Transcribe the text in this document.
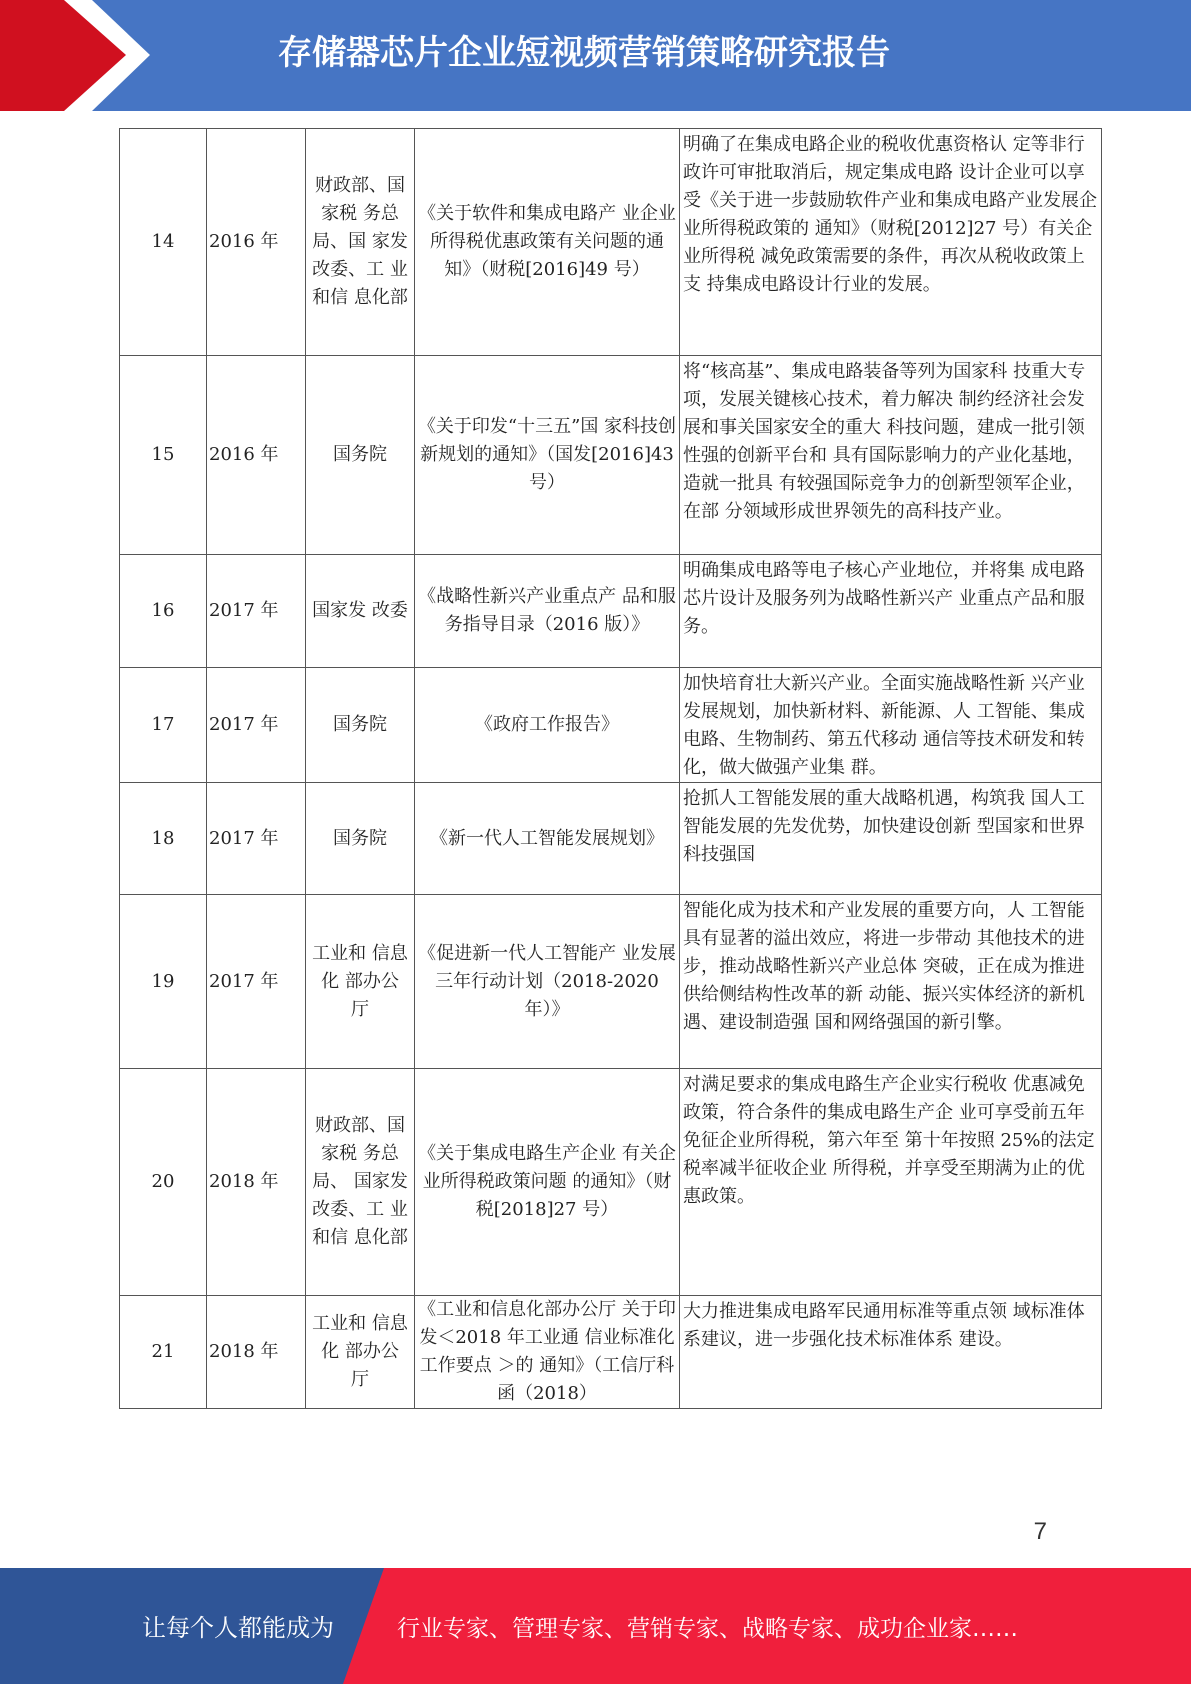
存储器芯片企业短视频营销策略研究报告
14	2016 年	财政部、国家税 务总局、国 家发 改委、工 业和信 息化部	《关于软件和集成电路产 业企业所得税优惠政策有关问题的通知》（财税[2016]49 号）	明确了在集成电路企业的税收优惠资格认 定等非行政许可审批取消后，规定集成电路 设计企业可以享受《关于进一步鼓励软件产业和集成电路产业发展企业所得税政策的 通知》（财税[2012]27 号）有关企业所得税 减免政策需要的条件，再次从税收政策上支 持集成电路设计行业的发展。
15	2016 年	国务院	《关于印发“十三五”国 家科技创新规划的通知》（国发[2016]43 号）	将“核高基”、集成电路装备等列为国家科 技重大专项，发展关键核心技术，着力解决 制约经济社会发展和事关国家安全的重大 科技问题，建成一批引领性强的创新平台和 具有国际影响力的产业化基地，造就一批具 有较强国际竞争力的创新型领军企业，在部 分领域形成世界领先的高科技产业。
16	2017 年	国家发 改委	《战略性新兴产业重点产 品和服务指导目录（2016 版）》	明确集成电路等电子核心产业地位，并将集 成电路芯片设计及服务列为战略性新兴产 业重点产品和服务。
17	2017 年	国务院	《政府工作报告》	加快培育壮大新兴产业。全面实施战略性新 兴产业发展规划，加快新材料、新能源、人 工智能、集成电路、生物制药、第五代移动 通信等技术研发和转化，做大做强产业集 群。
18	2017 年	国务院	《新一代人工智能发展规划》	抢抓人工智能发展的重大战略机遇，构筑我 国人工智能发展的先发优势，加快建设创新 型国家和世界科技强国
19	2017 年	工业和 信息化 部办公 厅	《促进新一代人工智能产 业发展三年行动计划（2018-2020 年）》	智能化成为技术和产业发展的重要方向，人 工智能具有显著的溢出效应，将进一步带动 其他技术的进步，推动战略性新兴产业总体 突破，正在成为推进供给侧结构性改革的新 动能、振兴实体经济的新机遇、建设制造强 国和网络强国的新引擎。
20	2018 年	财政部、国家税 务总局、 国家发 改委、工 业和信 息化部	《关于集成电路生产企业 有关企业所得税政策问题 的通知》（财税[2018]27 号）	对满足要求的集成电路生产企业实行税收 优惠减免政策，符合条件的集成电路生产企 业可享受前五年免征企业所得税，第六年至 第十年按照 25%的法定税率减半征收企业 所得税，并享受至期满为止的优惠政策。
21	2018 年	工业和 信息化 部办公 厅	《工业和信息化部办公厅 关于印发＜2018 年工业通 信业标准化工作要点 ＞的 通知》（工信厅科函（2018）	大力推进集成电路军民通用标准等重点领 域标准体系建议，进一步强化技术标准体系 建设。
7
让每个人都能成为	行业专家、管理专家、营销专家、战略专家、成功企业家……
